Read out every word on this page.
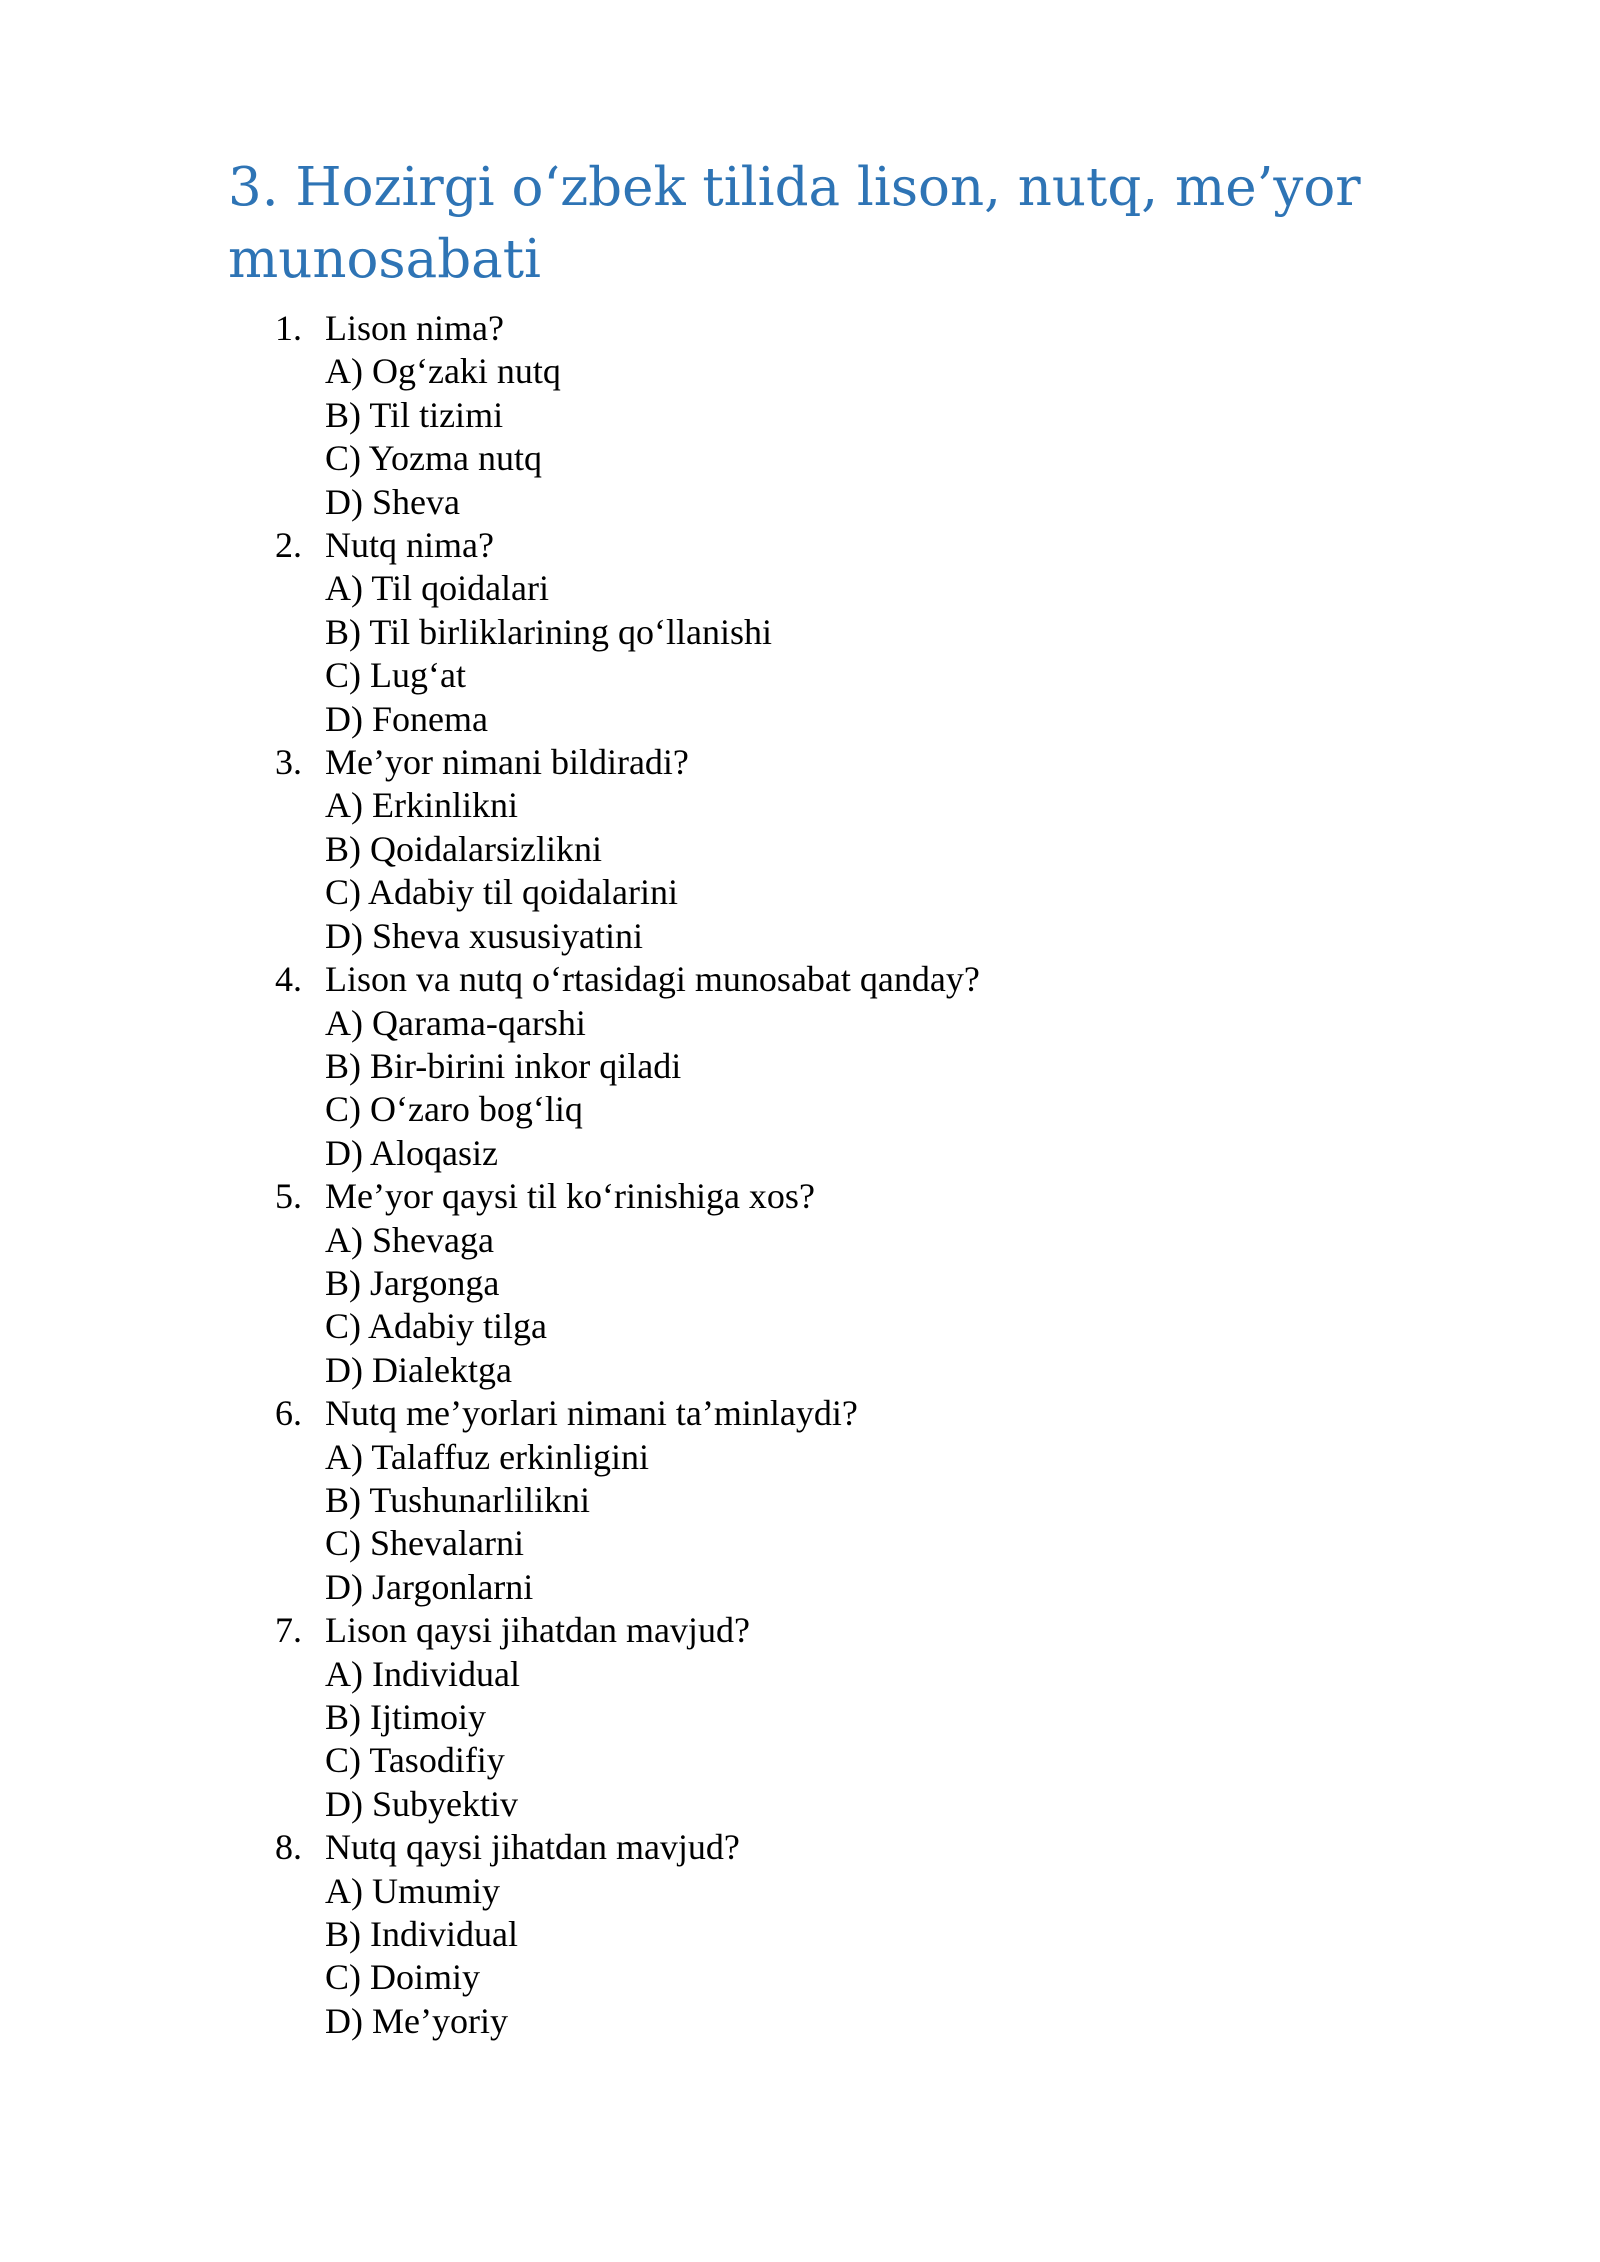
3. Hozirgi o‘zbek tilida lison, nutq, me’yor munosabati
1. Lison nima?
A) Og‘zaki nutq
B) Til tizimi
C) Yozma nutq
D) Sheva
2. Nutq nima?
A) Til qoidalari
B) Til birliklarining qo‘llanishi
C) Lug‘at
D) Fonema
3. Me’yor nimani bildiradi?
A) Erkinlikni
B) Qoidalarsizlikni
C) Adabiy til qoidalarini
D) Sheva xususiyatini
4. Lison va nutq o‘rtasidagi munosabat qanday?
A) Qarama-qarshi
B) Bir-birini inkor qiladi
C) O‘zaro bog‘liq
D) Aloqasiz
5. Me’yor qaysi til ko‘rinishiga xos?
A) Shevaga
B) Jargonga
C) Adabiy tilga
D) Dialektga
6. Nutq me’yorlari nimani ta’minlaydi?
A) Talaffuz erkinligini
B) Tushunarlilikni
C) Shevalarni
D) Jargonlarni
7. Lison qaysi jihatdan mavjud?
A) Individual
B) Ijtimoiy
C) Tasodifiy
D) Subyektiv
8. Nutq qaysi jihatdan mavjud?
A) Umumiy
B) Individual
C) Doimiy
D) Me’yoriy
